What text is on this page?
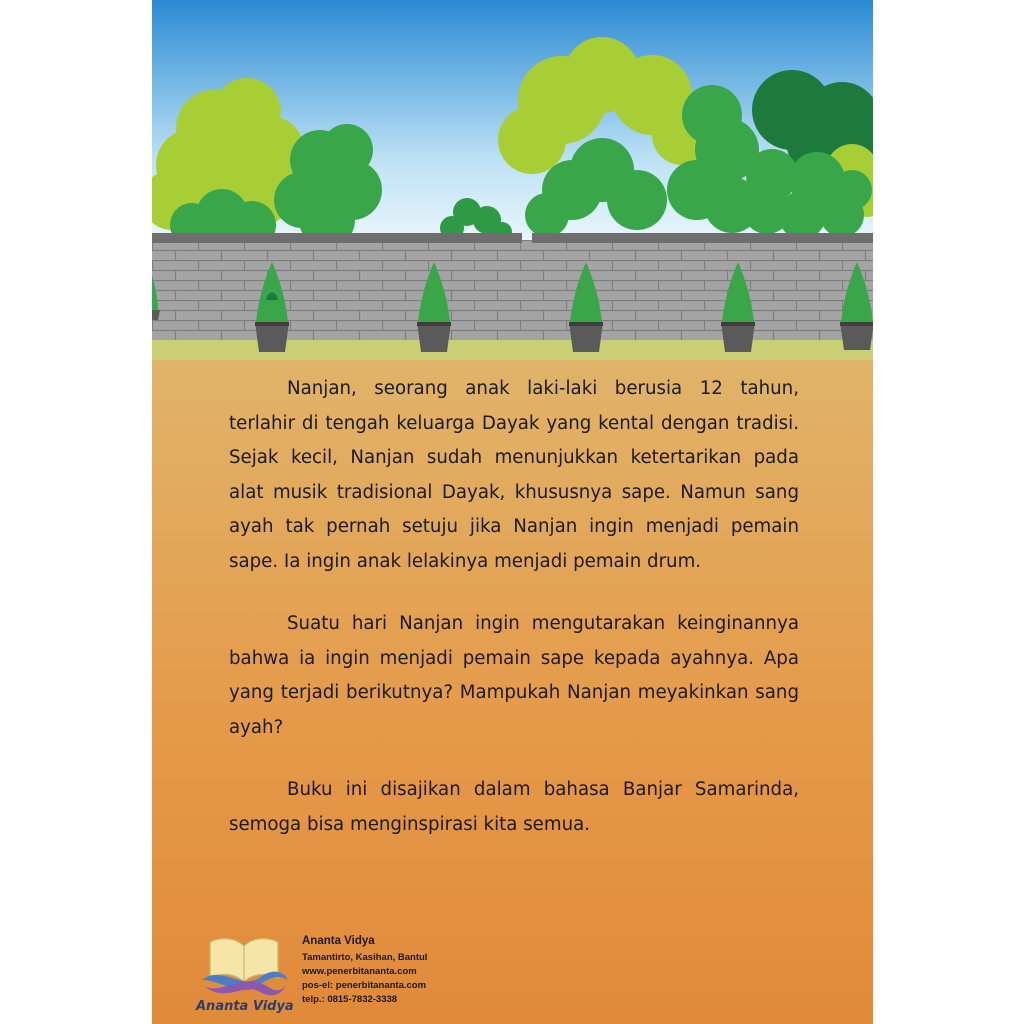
Nanjan, seorang anak laki-laki berusia 12 tahun, terlahir di tengah keluarga Dayak yang kental dengan tradisi. Sejak kecil, Nanjan sudah menunjukkan ketertarikan pada alat musik tradisional Dayak, khususnya sape. Namun sang ayah tak pernah setuju jika Nanjan ingin menjadi pemain sape. Ia ingin anak lelakinya menjadi pemain drum.

Suatu hari Nanjan ingin mengutarakan keinginannya bahwa ia ingin menjadi pemain sape kepada ayahnya. Apa yang terjadi berikutnya? Mampukah Nanjan meyakinkan sang ayah?

Buku ini disajikan dalam bahasa Banjar Samarinda, semoga bisa menginspirasi kita semua.

Ananta Vidya
Ananta Vidya
Tamantirto, Kasihan, Bantul
www.penerbitananta.com
pos-el: penerbitananta.com
telp.: 0815-7832-3338
